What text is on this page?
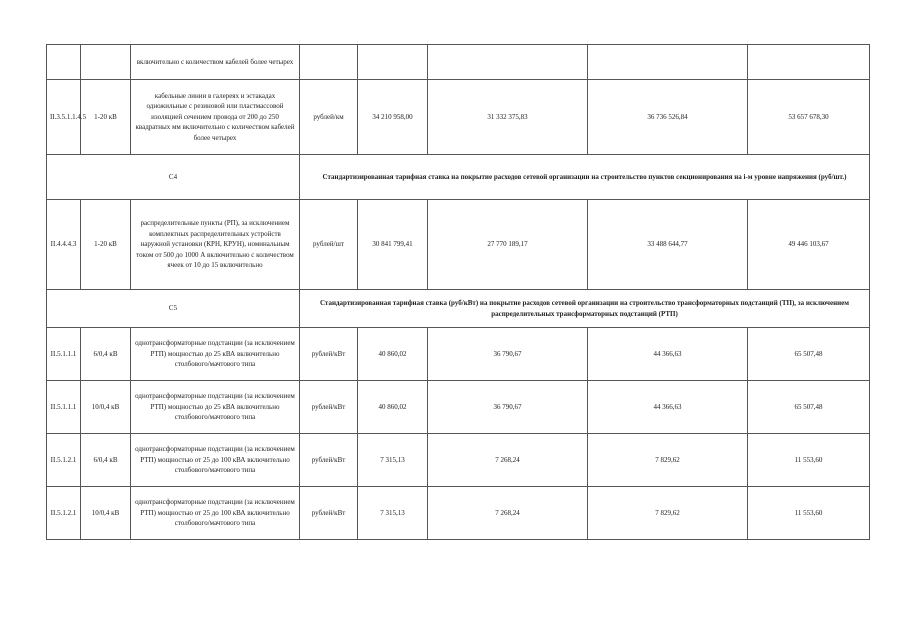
		включительно с количеством кабелей более четырех					
II.3.5.1.1.4.5	1-20 кВ	кабельные линии в галереях и эстакадах одножильные с резиновой или пластмассовой изоляцией сечением провода от 200 до 250 квадратных мм включительно с количеством кабелей более четырех	рублей/км	34 210 958,00	31 332 375,83	36 736 526,84	53 657 678,30
С4			Стандартизированная тарифная ставка на покрытие расходов сетевой организации на строительство пунктов секционирования на i-м уровне напряжения (руб/шт.)				
II.4.4.4.3	1-20 кВ	распределительные пункты (РП), за исключением комплектных распределительных устройств наружной установки (КРН, КРУН), номинальным током от 500 до 1000 А включительно с количеством ячеек от 10 до 15 включительно	рублей/шт	30 841 799,41	27 770 189,17	33 488 644,77	49 446 103,67
С5			Стандартизированная тарифная ставка (руб/кВт) на покрытие расходов сетевой организации на строительство трансформаторных подстанций (ТП), за исключением распределительных трансформаторных подстанций (РТП)				
II.5.1.1.1	6/0,4 кВ	однотрансформаторные подстанции (за исключением РТП) мощностью до 25 кВА включительно столбового/мачтового типа	рублей/кВт	40 860,02	36 790,67	44 366,63	65 507,48
II.5.1.1.1	10/0,4 кВ	однотрансформаторные подстанции (за исключением РТП) мощностью до 25 кВА включительно столбового/мачтового типа	рублей/кВт	40 860,02	36 790,67	44 366,63	65 507,48
II.5.1.2.1	6/0,4 кВ	однотрансформаторные подстанции (за исключением РТП) мощностью от 25 до 100 кВА включительно столбового/мачтового типа	рублей/кВт	7 315,13	7 268,24	7 829,62	11 553,60
II.5.1.2.1	10/0,4 кВ	однотрансформаторные подстанции (за исключением РТП) мощностью от 25 до 100 кВА включительно столбового/мачтового типа	рублей/кВт	7 315,13	7 268,24	7 829,62	11 553,60
